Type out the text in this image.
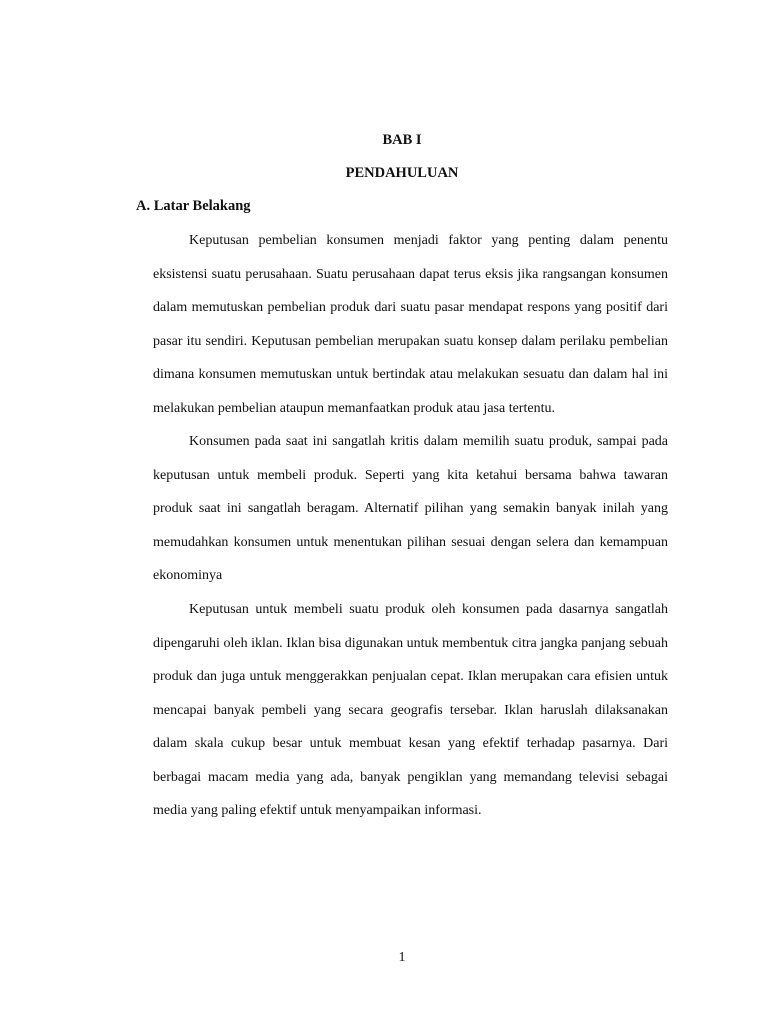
BAB I
PENDAHULUAN
A. Latar Belakang

Keputusan pembelian konsumen menjadi faktor yang penting dalam penentu eksistensi suatu perusahaan. Suatu perusahaan dapat terus eksis jika rangsangan konsumen dalam memutuskan pembelian produk dari suatu pasar mendapat respons yang positif dari pasar itu sendiri. Keputusan pembelian merupakan suatu konsep dalam perilaku pembelian dimana konsumen memutuskan untuk bertindak atau melakukan sesuatu dan dalam hal ini melakukan pembelian ataupun memanfaatkan produk atau jasa tertentu.

Konsumen pada saat ini sangatlah kritis dalam memilih suatu produk, sampai pada keputusan untuk membeli produk. Seperti yang kita ketahui bersama bahwa tawaran produk saat ini sangatlah beragam. Alternatif pilihan yang semakin banyak inilah yang memudahkan konsumen untuk menentukan pilihan sesuai dengan selera dan kemampuan ekonominya

Keputusan untuk membeli suatu produk oleh konsumen pada dasarnya sangatlah dipengaruhi oleh iklan. Iklan bisa digunakan untuk membentuk citra jangka panjang sebuah produk dan juga untuk menggerakkan penjualan cepat. Iklan merupakan cara efisien untuk mencapai banyak pembeli yang secara geografis tersebar. Iklan haruslah dilaksanakan dalam skala cukup besar untuk membuat kesan yang efektif terhadap pasarnya. Dari berbagai macam media yang ada, banyak pengiklan yang memandang televisi sebagai media yang paling efektif untuk menyampaikan informasi.

1
